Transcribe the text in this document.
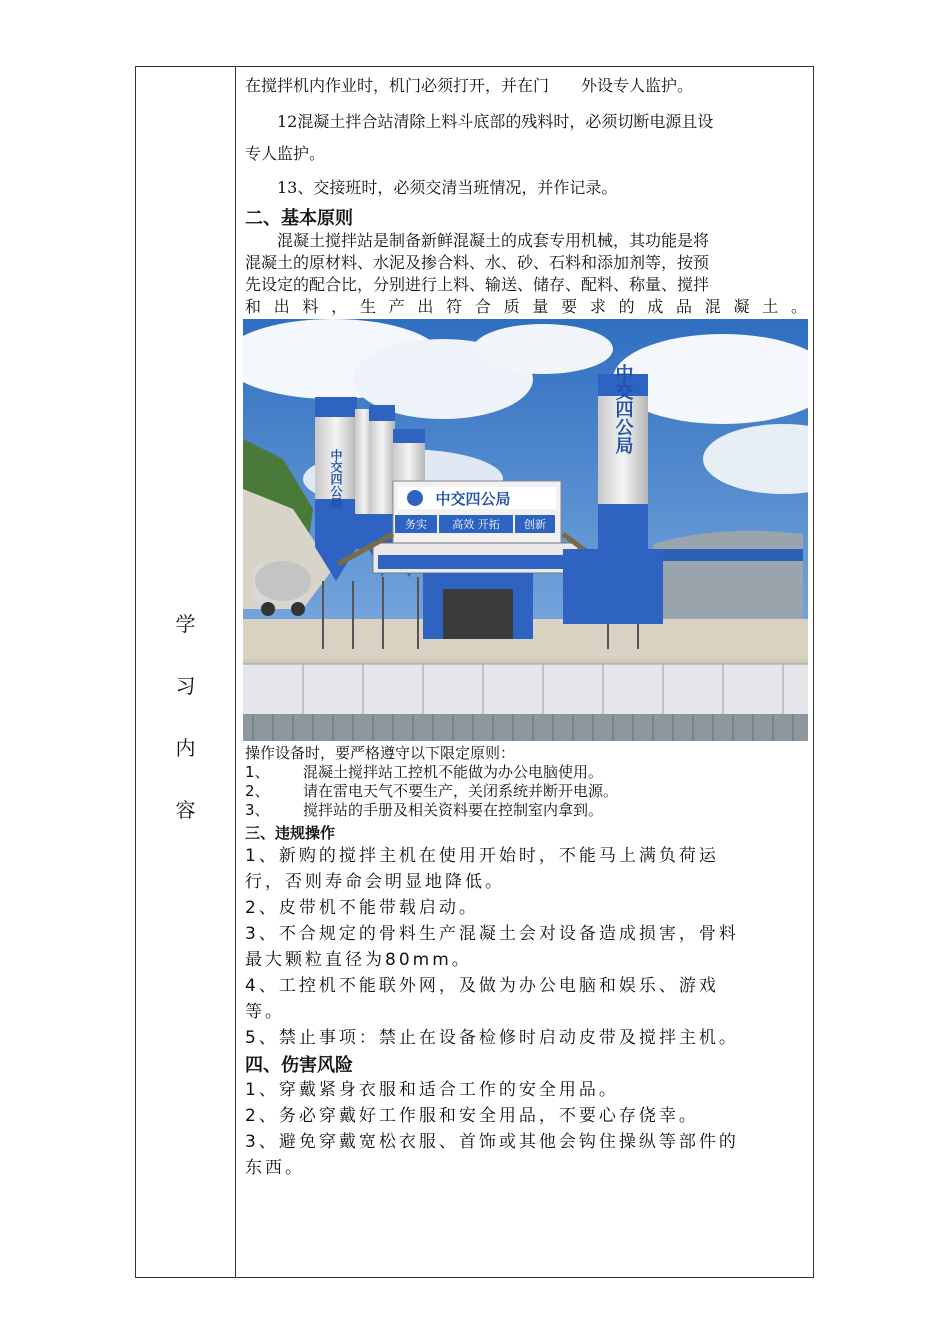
学
习
内
容

在搅拌机内作业时，机门必须打开，并在门　　外设专人监护。

12混凝土拌合站清除上料斗底部的残料时，必须切断电源且设

专人监护。

13、交接班时，必须交清当班情况，并作记录。

二、基本原则

混凝土搅拌站是制备新鲜混凝土的成套专用机械，其功能是将

混凝土的原材料、水泥及掺合料、水、砂、石料和添加剂等，按预

先设定的配合比，分别进行上料、输送、储存、配料、称量、搅拌

和出料，生产出符合质量要求的成品混凝土。

中交四公局
中交四公局
务实 高效 开拓 创新
中交四公局

操作设备时，要严格遵守以下限定原则：

1、	混凝土搅拌站工控机不能做为办公电脑使用。
2、	请在雷电天气不要生产，关闭系统并断开电源。
3、	搅拌站的手册及相关资料要在控制室内拿到。

三、违规操作

1、新购的搅拌主机在使用开始时，不能马上满负荷运
行，否则寿命会明显地降低。
2、皮带机不能带载启动。
3、不合规定的骨料生产混凝土会对设备造成损害，骨料
最大颗粒直径为80mm。
4、工控机不能联外网，及做为办公电脑和娱乐、游戏
等。
5、禁止事项：禁止在设备检修时启动皮带及搅拌主机。

四、伤害风险

1、穿戴紧身衣服和适合工作的安全用品。
2、务必穿戴好工作服和安全用品，不要心存侥幸。
3、避免穿戴宽松衣服、首饰或其他会钩住操纵等部件的
东西。
